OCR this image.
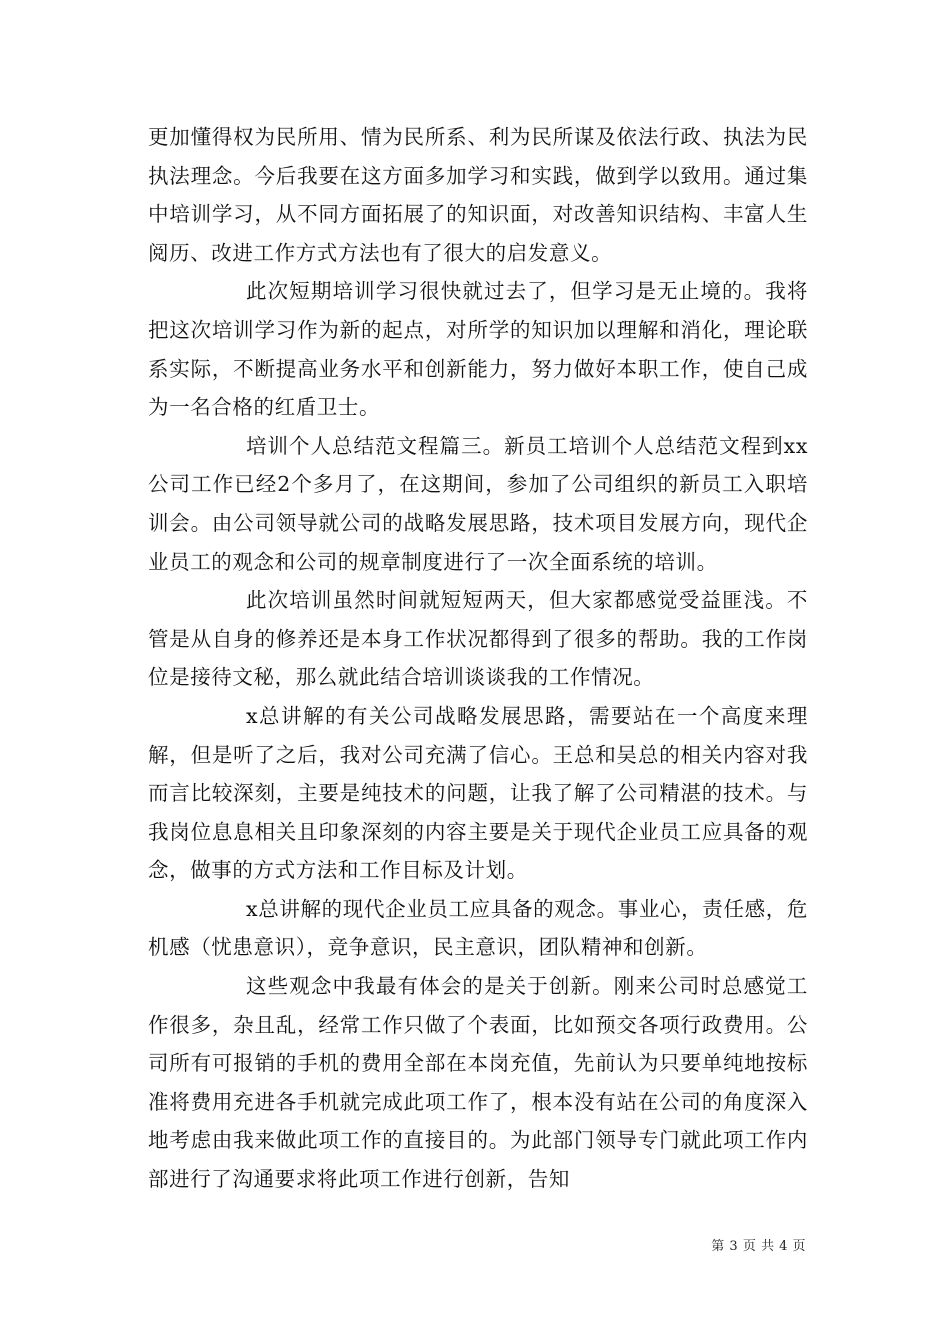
更加懂得权为民所用、情为民所系、利为民所谋及依法行政、执法为民执法理念。今后我要在这方面多加学习和实践，做到学以致用。通过集中培训学习，从不同方面拓展了的知识面，对改善知识结构、丰富人生阅历、改进工作方式方法也有了很大的启发意义。

此次短期培训学习很快就过去了，但学习是无止境的。我将把这次培训学习作为新的起点，对所学的知识加以理解和消化，理论联系实际，不断提高业务水平和创新能力，努力做好本职工作，使自己成为一名合格的红盾卫士。

培训个人总结范文程篇三。新员工培训个人总结范文程到xx公司工作已经2个多月了，在这期间，参加了公司组织的新员工入职培训会。由公司领导就公司的战略发展思路，技术项目发展方向，现代企业员工的观念和公司的规章制度进行了一次全面系统的培训。

此次培训虽然时间就短短两天，但大家都感觉受益匪浅。不管是从自身的修养还是本身工作状况都得到了很多的帮助。我的工作岗位是接待文秘，那么就此结合培训谈谈我的工作情况。

x总讲解的有关公司战略发展思路，需要站在一个高度来理解，但是听了之后，我对公司充满了信心。王总和吴总的相关内容对我而言比较深刻，主要是纯技术的问题，让我了解了公司精湛的技术。与我岗位息息相关且印象深刻的内容主要是关于现代企业员工应具备的观念，做事的方式方法和工作目标及计划。

x总讲解的现代企业员工应具备的观念。事业心，责任感，危机感（忧患意识），竞争意识，民主意识，团队精神和创新。

这些观念中我最有体会的是关于创新。刚来公司时总感觉工作很多，杂且乱，经常工作只做了个表面，比如预交各项行政费用。公司所有可报销的手机的费用全部在本岗充值，先前认为只要单纯地按标准将费用充进各手机就完成此项工作了，根本没有站在公司的角度深入地考虑由我来做此项工作的直接目的。为此部门领导专门就此项工作内部进行了沟通要求将此项工作进行创新，告知

第 3 页 共 4 页
